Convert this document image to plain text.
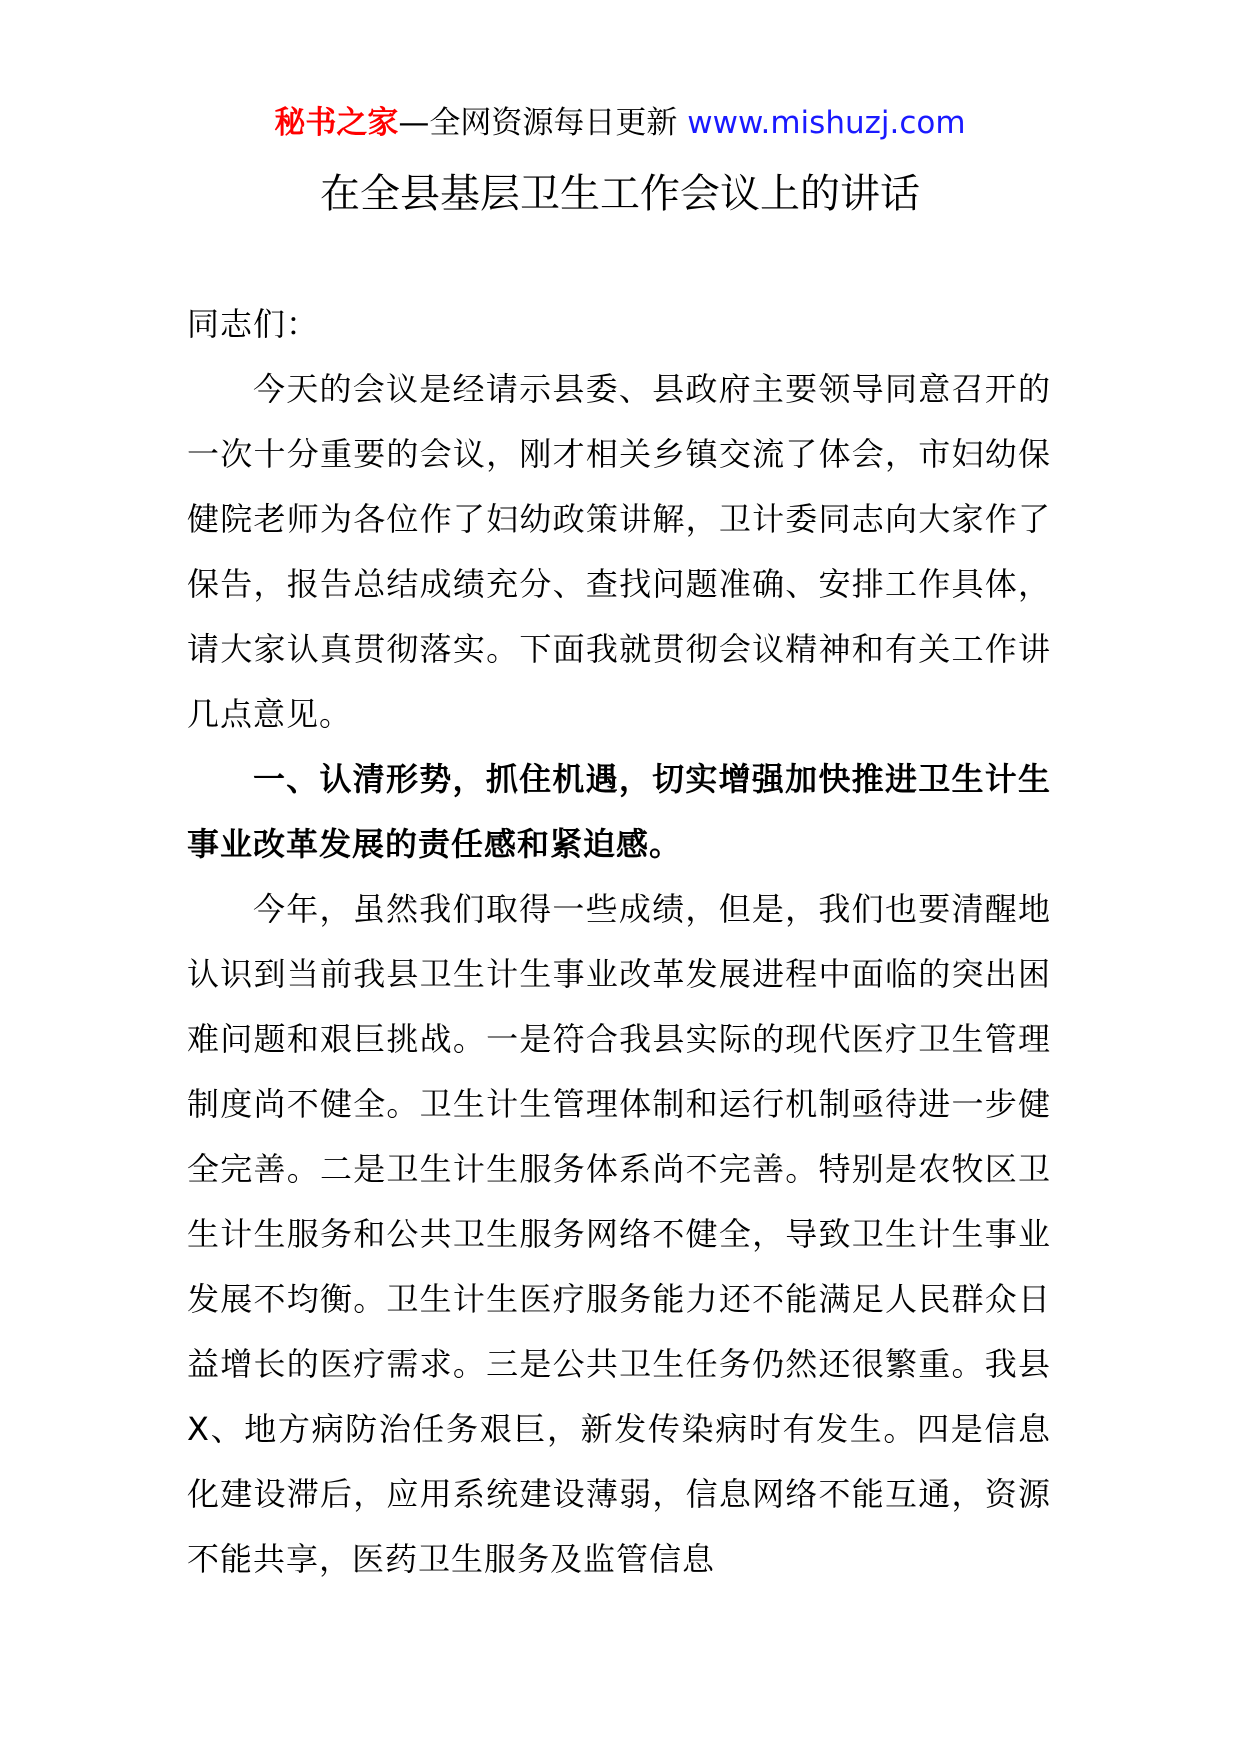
秘书之家—全网资源每日更新 www.mishuzj.com
在全县基层卫生工作会议上的讲话

同志们：

今天的会议是经请示县委、县政府主要领导同意召开的一次十分重要的会议，刚才相关乡镇交流了体会，市妇幼保健院老师为各位作了妇幼政策讲解，卫计委同志向大家作了保告，报告总结成绩充分、查找问题准确、安排工作具体，请大家认真贯彻落实。下面我就贯彻会议精神和有关工作讲几点意见。

一、认清形势，抓住机遇，切实增强加快推进卫生计生事业改革发展的责任感和紧迫感。

今年，虽然我们取得一些成绩，但是，我们也要清醒地认识到当前我县卫生计生事业改革发展进程中面临的突出困难问题和艰巨挑战。一是符合我县实际的现代医疗卫生管理制度尚不健全。卫生计生管理体制和运行机制亟待进一步健全完善。二是卫生计生服务体系尚不完善。特别是农牧区卫生计生服务和公共卫生服务网络不健全，导致卫生计生事业发展不均衡。卫生计生医疗服务能力还不能满足人民群众日益增长的医疗需求。三是公共卫生任务仍然还很繁重。我县X、地方病防治任务艰巨，新发传染病时有发生。四是信息化建设滞后，应用系统建设薄弱，信息网络不能互通，资源不能共享，医药卫生服务及监管信息
